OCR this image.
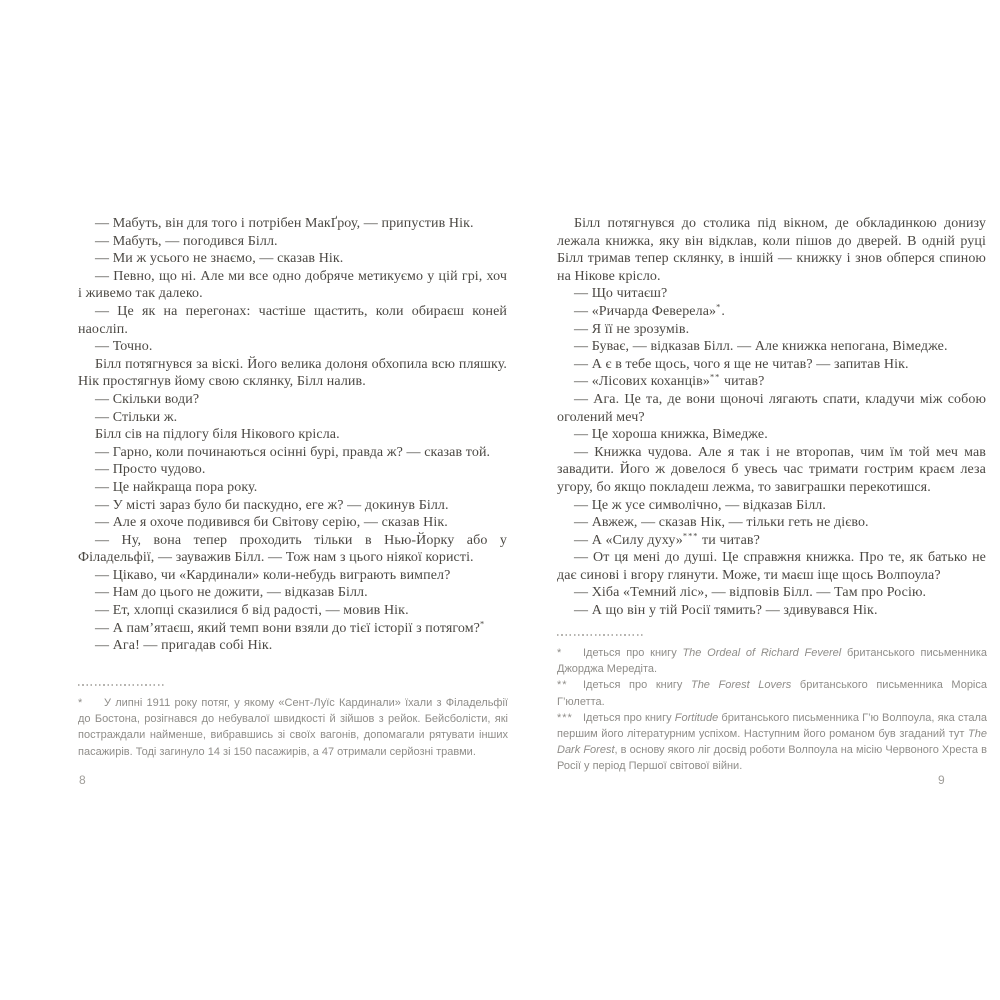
— Мабуть, він для того і потрібен МакҐроу, — припустив Нік.

— Мабуть, — погодився Білл.

— Ми ж усього не знаємо, — сказав Нік.

— Певно, що ні. Але ми все одно добряче метикуємо у цій грі, хоч і живемо так далеко.

— Це як на перегонах: частіше щастить, коли обираєш коней наосліп.

— Точно.

Білл потягнувся за віскі. Його велика долоня обхопила всю пляшку. Нік простягнув йому свою склянку, Білл налив.

— Скільки води?

— Стільки ж.

Білл сів на підлогу біля Нікового крісла.

— Гарно, коли починаються осінні бурі, правда ж? — сказав той.

— Просто чудово.

— Це найкраща пора року.

— У місті зараз було би паскудно, еге ж? — докинув Білл.

— Але я охоче подивився би Світову серію, — сказав Нік.

— Ну, вона тепер проходить тільки в Нью-Йорку або у Філадельфії, — зауважив Білл. — Тож нам з цього ніякої користі.

— Цікаво, чи «Кардинали» коли-небудь виграють вимпел?

— Нам до цього не дожити, — відказав Білл.

— Ет, хлопці сказилися б від радості, — мовив Нік.

— А пам’ятаєш, який темп вони взяли до тієї історії з потягом?*

— Ага! — пригадав собі Нік.

Білл потягнувся до столика під вікном, де обкладинкою донизу лежала книжка, яку він відклав, коли пішов до дверей. В одній руці Білл тримав тепер склянку, в іншій — книжку і знов обперся спиною на Нікове крісло.

— Що читаєш?

— «Ричарда Феверела»*.

— Я її не зрозумів.

— Буває, — відказав Білл. — Але книжка непогана, Вімедже.

— А є в тебе щось, чого я ще не читав? — запитав Нік.

— «Лісових коханців»** читав?

— Ага. Це та, де вони щоночі лягають спати, кладучи між собою оголений меч?

— Це хороша книжка, Вімедже.

— Книжка чудова. Але я так і не второпав, чим їм той меч мав завадити. Його ж довелося б увесь час тримати гострим краєм леза угору, бо якщо покладеш лежма, то завиграшки перекотишся.

— Це ж усе символічно, — відказав Білл.

— Авжеж, — сказав Нік, — тільки геть не дієво.

— А «Силу духу»*** ти читав?

— От ця мені до душі. Це справжня книжка. Про те, як батько не дає синові і вгору глянути. Може, ти маєш іще щось Волпоула?

— Хіба «Темний ліс», — відповів Білл. — Там про Росію.

— А що він у тій Росії тямить? — здивувався Нік.

* У липні 1911 року потяг, у якому «Сент-Луїс Кардинали» їхали з Філадельфії до Бостона, розігнався до небувалої швидкості й зійшов з рейок. Бейсболісти, які постраждали найменше, вибравшись зі своїх вагонів, допомагали рятувати інших пасажирів. Тоді загинуло 14 зі 150 пасажирів, а 47 отримали серйозні травми.
* Ідеться про книгу The Ordeal of Richard Feverel британського письменника Джорджа Мередіта.
** Ідеться про книгу The Forest Lovers британського письменника Моріса Г’юлетта.
*** Ідеться про книгу Fortitude британського письменника Г’ю Волпоула, яка стала першим його літературним успіхом. Наступним його романом був згаданий тут The Dark Forest, в основу якого ліг досвід роботи Волпоула на місію Червоного Хреста в Росії у період Першої світової війни.
8	9
